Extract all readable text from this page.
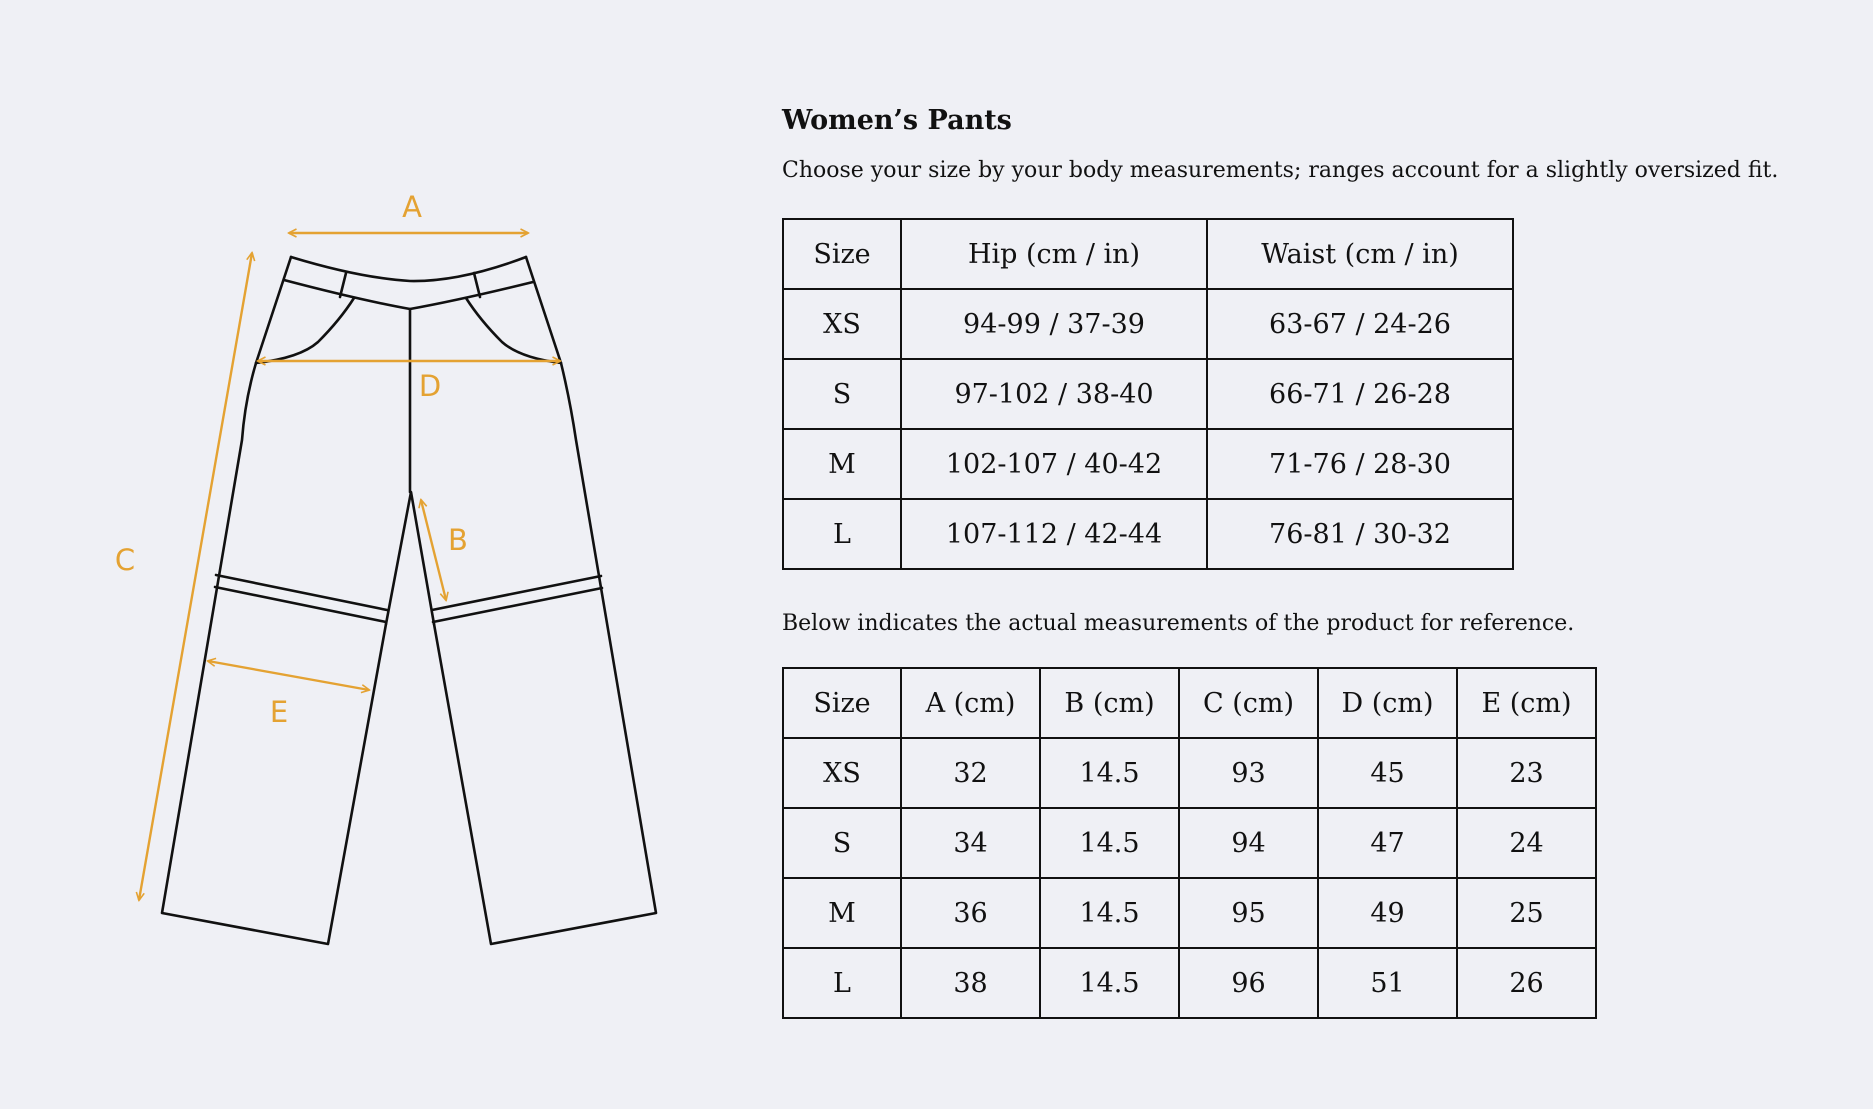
A
D
C
B
E
Women’s Pants

Choose your size by your body measurements; ranges account for a slightly oversized fit.

Size	Hip (cm / in)	Waist (cm / in)
XS	94-99 / 37-39	63-67 / 24-26
S	97-102 / 38-40	66-71 / 26-28
M	102-107 / 40-42	71-76 / 28-30
L	107-112 / 42-44	76-81 / 30-32

Below indicates the actual measurements of the product for reference.

Size	A (cm)	B (cm)	C (cm)	D (cm)	E (cm)
XS	32	14.5	93	45	23
S	34	14.5	94	47	24
M	36	14.5	95	49	25
L	38	14.5	96	51	26
